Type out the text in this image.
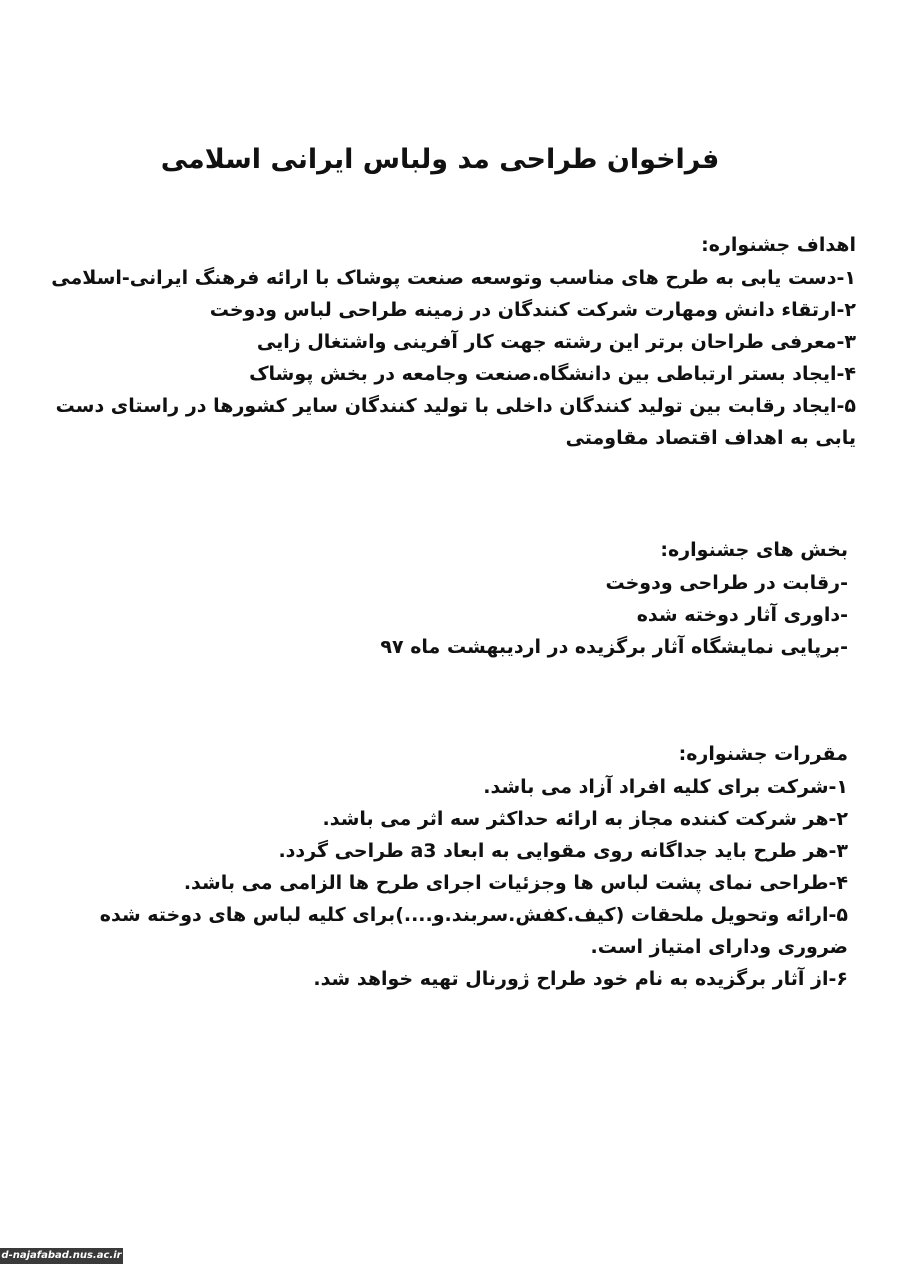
فراخوان طراحی مد ولباس ایرانی اسلامی

اهداف جشنواره:

۱-دست یابی به طرح های مناسب وتوسعه صنعت پوشاک با ارائه فرهنگ ایرانی-اسلامی

۲-ارتقاء دانش ومهارت شرکت کنندگان در زمینه طراحی لباس ودوخت

۳-معرفی طراحان برتر این رشته جهت کار آفرینی واشتغال زایی

۴-ایجاد بستر ارتباطی بین دانشگاه.صنعت وجامعه در بخش پوشاک

۵-ایجاد رقابت بین تولید کنندگان داخلی با تولید کنندگان سایر کشورها در راستای دست یابی به اهداف اقتصاد مقاومتی

بخش های جشنواره:

-رقابت در طراحی ودوخت

-داوری آثار دوخته شده

-برپایی نمایشگاه آثار برگزیده در اردیبهشت ماه ۹۷

مقررات جشنواره:

۱-شرکت برای کلیه افراد آزاد می باشد.

۲-هر شرکت کننده مجاز به ارائه حداکثر سه اثر می باشد.

۳-هر طرح باید جداگانه روی مقوایی به ابعاد a3 طراحی گردد.

۴-طراحی نمای پشت لباس ها وجزئیات اجرای طرح ها الزامی می باشد.

۵-ارائه وتحویل ملحقات (کیف.کفش.سربند.و....)برای کلیه لباس های دوخته شده ضروری ودارای امتیاز است.

۶-از آثار برگزیده به نام خود طراح ژورنال تهیه خواهد شد.

d-najafabad.nus.ac.ir
